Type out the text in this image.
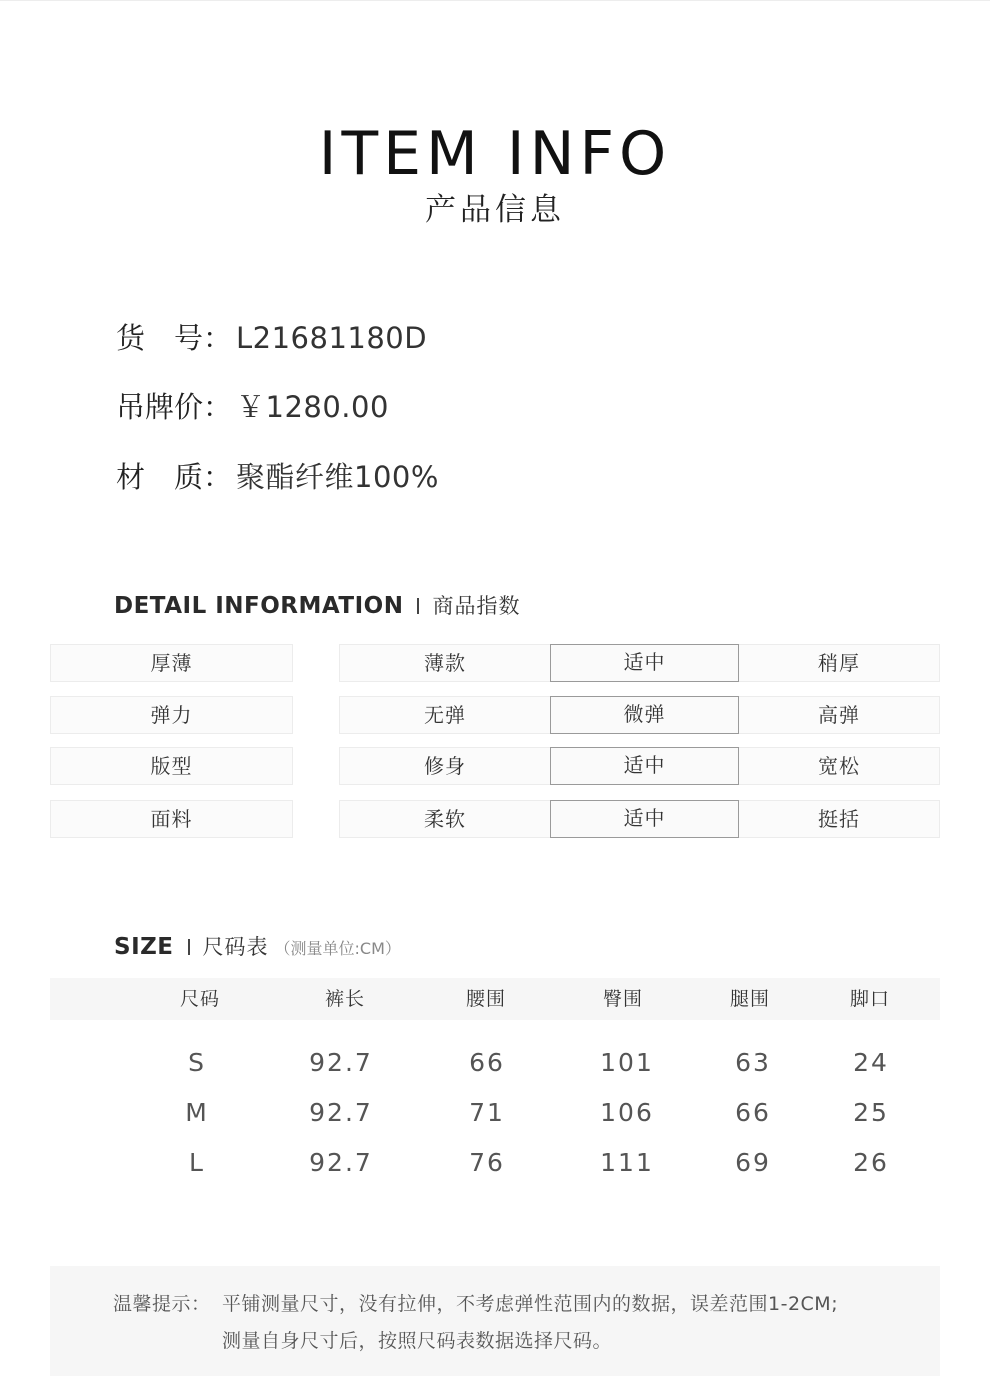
ITEM INFO
产品信息
货　号： L21681180D
吊牌价： ￥1280.00
材　质： 聚酯纤维100%
DETAIL INFORMATION 商品指数
厚薄	薄款	适中	稍厚
弹力	无弹	微弹	高弹
版型	修身	适中	宽松
面料	柔软	适中	挺括
SIZE 尺码表 （测量单位:CM）
尺码	裤长	腰围	臀围	腿围	脚口
S	92.7	66	101	63	24
M	92.7	71	106	66	25
L	92.7	76	111	69	26
温馨提示： 平铺测量尺寸，没有拉伸，不考虑弹性范围内的数据，误差范围1-2CM;
测量自身尺寸后，按照尺码表数据选择尺码。
